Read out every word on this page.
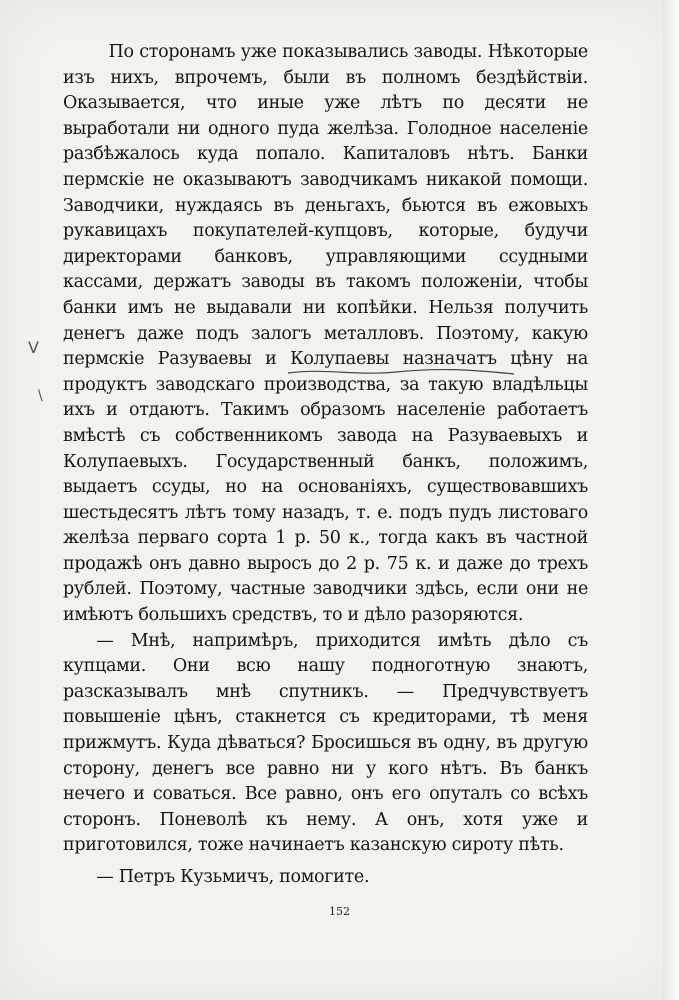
V
\

По сторонамъ уже показывались заводы. Нѣкоторые изъ нихъ, впрочемъ, были въ полномъ бездѣйствіи. Оказывается, что иные уже лѣтъ по десяти не выработали ни одного пуда желѣза. Голодное населеніе разбѣжалось куда попало. Капиталовъ нѣтъ. Банки пермскіе не оказываютъ заводчикамъ никакой помощи. Заводчики, нуждаясь въ деньгахъ, бьются въ ежовыхъ рукавицахъ покупателей-купцовъ, которые, будучи директорами банковъ, управляющими ссудными кассами, держатъ заводы въ такомъ положеніи, чтобы банки имъ не выдавали ни копѣйки. Нельзя получить денегъ даже подъ залогъ металловъ. Поэтому, какую пермскіе Разуваевы и Колупаевы назначатъ цѣну на продуктъ заводскаго производства, за такую владѣльцы ихъ и отдаютъ. Такимъ образомъ населеніе работаетъ вмѣстѣ съ собственникомъ завода на Разуваевыхъ и Колупаевыхъ. Государственный банкъ, положимъ, выдаетъ ссуды, но на основаніяхъ, существовавшихъ шестьдесятъ лѣтъ тому назадъ, т. е. подъ пудъ листоваго желѣза перваго сорта 1 р. 50 к., тогда какъ въ частной продажѣ онъ давно выросъ до 2 р. 75 к. и даже до трехъ рублей. Поэтому, частные заводчики здѣсь, если они не имѣютъ большихъ средствъ, то и дѣло разоряются.

— Мнѣ, напримѣръ, приходится имѣть дѣло съ купцами. Они всю нашу подноготную знаютъ, разсказывалъ мнѣ спутникъ. — Предчувствуетъ повышеніе цѣнъ, стакнется съ кредиторами, тѣ меня прижмутъ. Куда дѣваться? Бросишься въ одну, въ другую сторону, денегъ все равно ни у кого нѣтъ. Въ банкъ нечего и соваться. Все равно, онъ его опуталъ со всѣхъ сторонъ. Поневолѣ къ нему. А онъ, хотя уже и приготовился, тоже начинаетъ казанскую сироту пѣть.

— Петръ Кузьмичъ, помогите.

152
